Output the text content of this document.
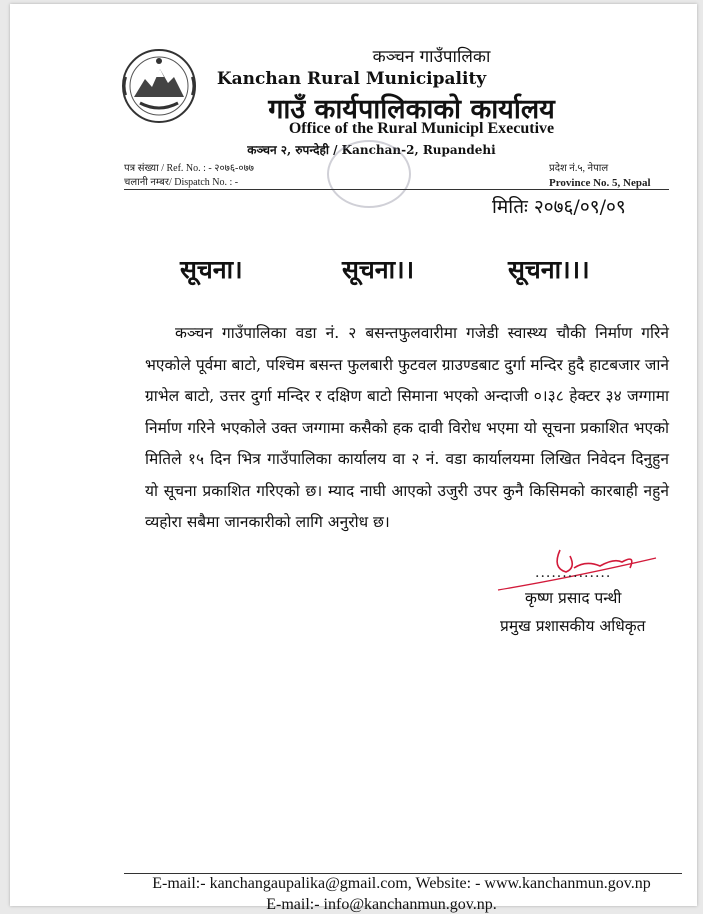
कञ्चन गाउँपालिका
Kanchan Rural Municipality
गाउँ कार्यपालिकाको कार्यालय
Office of the Rural Municipl Executive
कञ्चन २, रुपन्देही / Kanchan-2, Rupandehi
पत्र संख्या / Ref. No. : - २०७६-०७७
चलानी नम्बर/ Dispatch No. : -
प्रदेश नं.५, नेपाल
Province No. 5, Nepal
मितिः २०७६/०९/०९
सूचना।	सूचना।।	सूचना।।।

कञ्चन गाउँपालिका वडा नं. २ बसन्तफुलवारीमा गजेडी स्वास्थ्य चौकी निर्माण गरिने भएकोले पूर्वमा बाटो, पश्चिम बसन्त फुलबारी फुटवल ग्राउण्डबाट दुर्गा मन्दिर हुदै हाटबजार जाने ग्राभेल बाटो, उत्तर दुर्गा मन्दिर र दक्षिण बाटो सिमाना भएको अन्दाजी ०।३८ हेक्टर ३४ जग्गामा निर्माण गरिने भएकोले उक्त जग्गामा कसैको हक दावी विरोध भएमा यो सूचना प्रकाशित भएको मितिले १५ दिन भित्र गाउँपालिका कार्यालय वा २ नं. वडा कार्यालयमा लिखित निवेदन दिनुहुन यो सूचना प्रकाशित गरिएको छ। म्याद नाघी आएको उजुरी उपर कुनै किसिमको कारबाही नहुने व्यहोरा सबैमा जानकारीको लागि अनुरोध छ।

..............
कृष्ण प्रसाद पन्थी
प्रमुख प्रशासकीय अधिकृत
E-mail:- kanchangaupalika@gmail.com, Website: - www.kanchanmun.gov.np
E-mail:- info@kanchanmun.gov.np.
